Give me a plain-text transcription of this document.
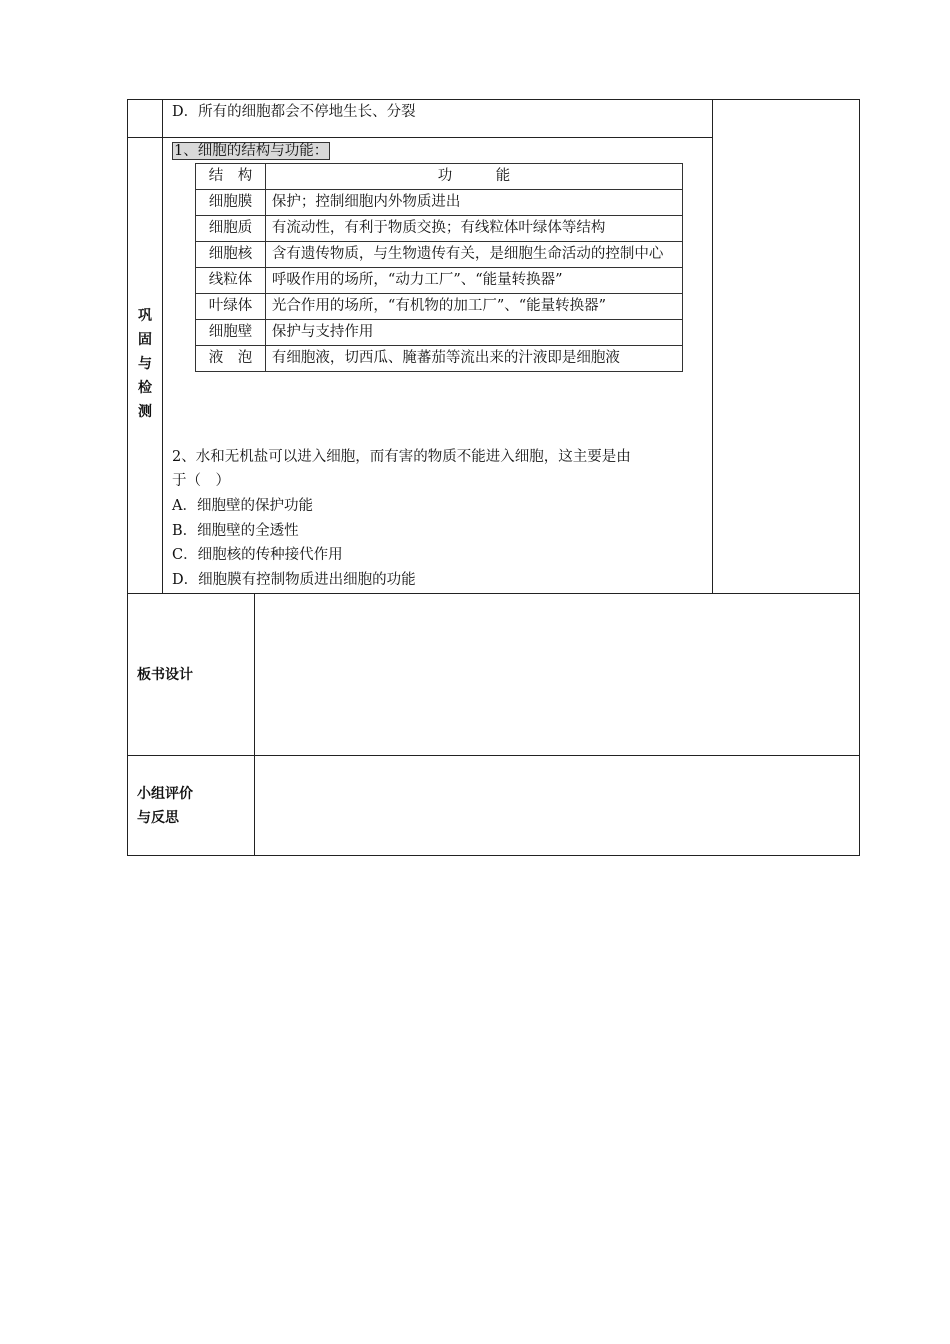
D．所有的细胞都会不停地生长、分裂
巩
固
与
检
测
1、细胞的结构与功能：
结　构	功　　　能
细胞膜	保护；控制细胞内外物质进出
细胞质	有流动性，有利于物质交换；有线粒体叶绿体等结构
细胞核	含有遗传物质，与生物遗传有关，是细胞生命活动的控制中心
线粒体	呼吸作用的场所，“动力工厂”、“能量转换器”
叶绿体	光合作用的场所，“有机物的加工厂”、“能量转换器”
细胞壁	保护与支持作用
液　泡	有细胞液，切西瓜、腌蕃茄等流出来的汁液即是细胞液
2、水和无机盐可以进入细胞，而有害的物质不能进入细胞，这主要是由
于（　）
A．细胞壁的保护功能
B．细胞壁的全透性
C．细胞核的传种接代作用
D．细胞膜有控制物质进出细胞的功能
板书设计
小组评价
与反思
